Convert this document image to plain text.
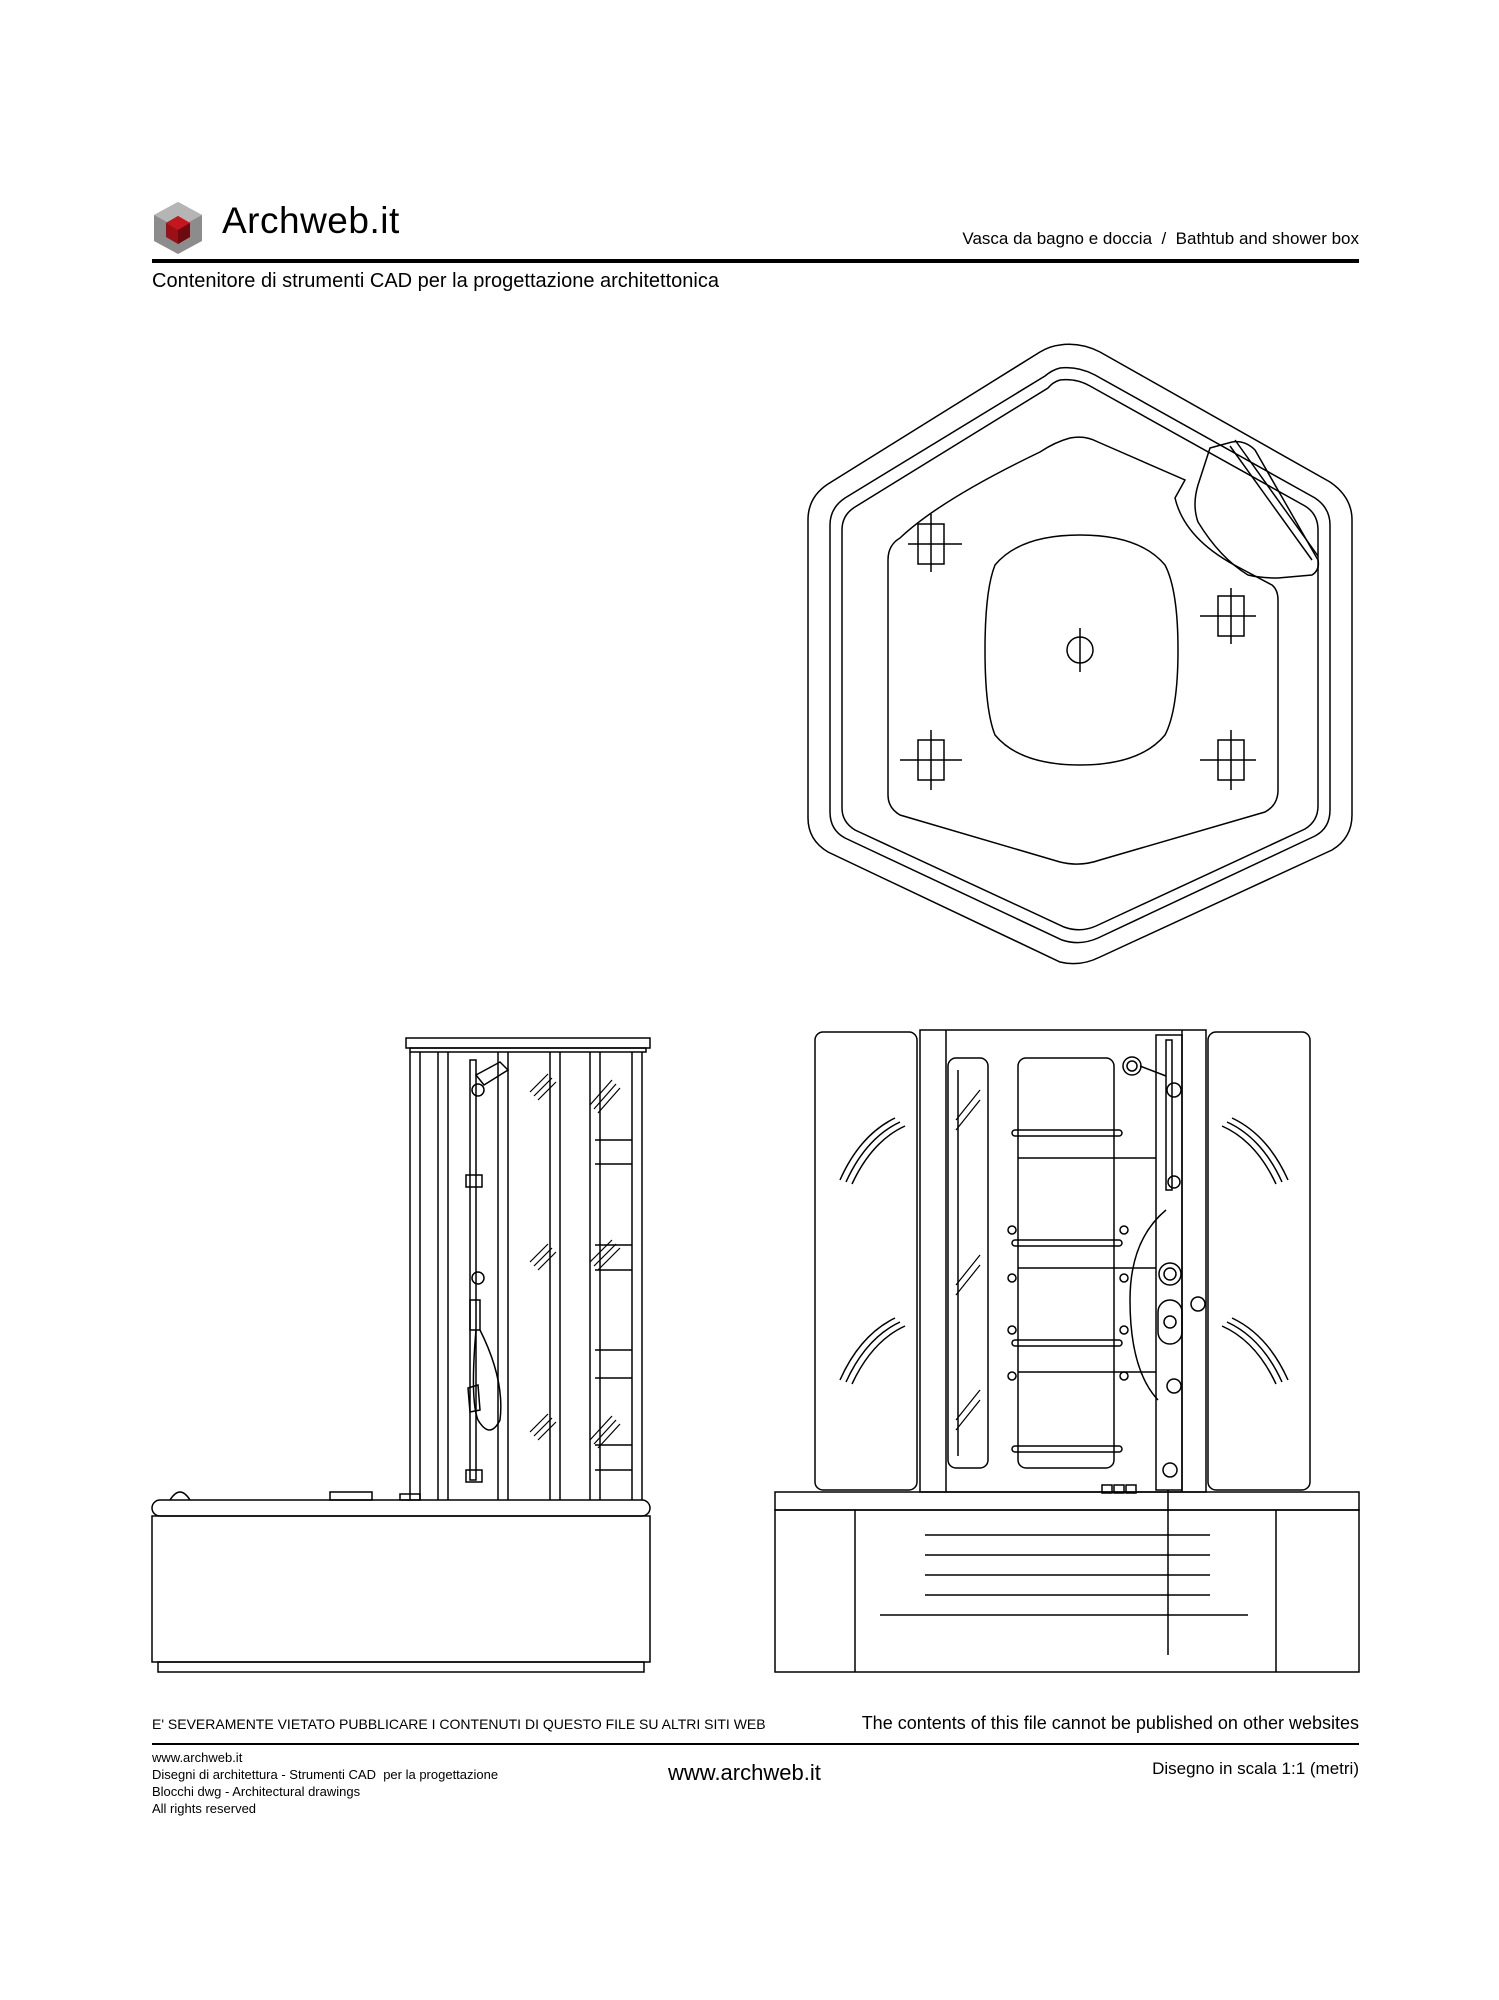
Archweb.it	Vasca da bagno e doccia  /  Bathtub and shower box
Contenitore di strumenti CAD per la progettazione architettonica
E' SEVERAMENTE VIETATO PUBBLICARE I CONTENUTI DI QUESTO FILE SU ALTRI SITI WEB	The contents of this file cannot be published on other websites
www.archweb.it
Disegni di architettura - Strumenti CAD  per la progettazione
Blocchi dwg - Architectural drawings
All rights reserved
www.archweb.it	Disegno in scala 1:1 (metri)
